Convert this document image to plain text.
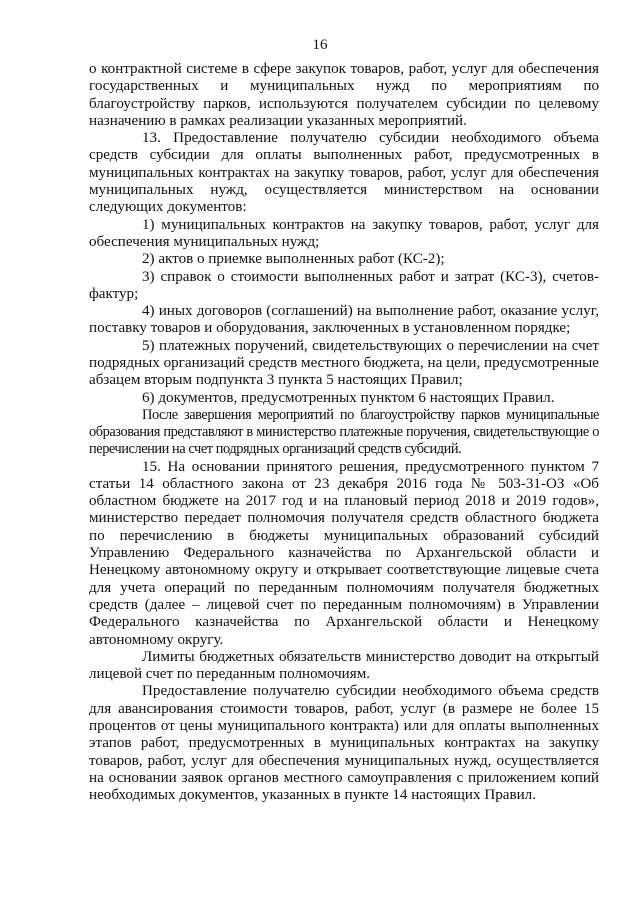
16

о контрактной системе в сфере закупок товаров, работ, услуг для обеспечения государственных и муниципальных нужд по мероприятиям по благоустройству парков, используются получателем субсидии по целевому назначению в рамках реализации указанных мероприятий.

13. Предоставление получателю субсидии необходимого объема средств субсидии для оплаты выполненных работ, предусмотренных в муниципальных контрактах на закупку товаров, работ, услуг для обеспечения муниципальных нужд, осуществляется министерством на основании следующих документов:

1) муниципальных контрактов на закупку товаров, работ, услуг для обеспечения муниципальных нужд;

2) актов о приемке выполненных работ (КС-2);

3) справок о стоимости выполненных работ и затрат (КС-3), счетов-фактур;

4) иных договоров (соглашений) на выполнение работ, оказание услуг, поставку товаров и оборудования, заключенных в установленном порядке;

5) платежных поручений, свидетельствующих о перечислении на счет подрядных организаций средств местного бюджета, на цели, предусмотренные абзацем вторым подпункта 3 пункта 5 настоящих Правил;

6) документов, предусмотренных пунктом 6 настоящих Правил.

После завершения мероприятий по благоустройству парков муниципальные образования представляют в министерство платежные поручения, свидетельствующие о перечислении на счет подрядных организаций средств субсидий.

15. На основании принятого решения, предусмотренного пунктом 7 статьи 14 областного закона от 23 декабря 2016 года № 503-31-ОЗ «Об областном бюджете на 2017 год и на плановый период 2018 и 2019 годов», министерство передает полномочия получателя средств областного бюджета по перечислению в бюджеты муниципальных образований субсидий Управлению Федерального казначейства по Архангельской области и Ненецкому автономному округу и открывает соответствующие лицевые счета для учета операций по переданным полномочиям получателя бюджетных средств (далее – лицевой счет по переданным полномочиям) в Управлении Федерального казначейства по Архангельской области и Ненецкому автономному округу.

Лимиты бюджетных обязательств министерство доводит на открытый лицевой счет по переданным полномочиям.

Предоставление получателю субсидии необходимого объема средств для авансирования стоимости товаров, работ, услуг (в размере не более 15 процентов от цены муниципального контракта) или для оплаты выполненных этапов работ, предусмотренных в муниципальных контрактах на закупку товаров, работ, услуг для обеспечения муниципальных нужд, осуществляется на основании заявок органов местного самоуправления с приложением копий необходимых документов, указанных в пункте 14 настоящих Правил.
